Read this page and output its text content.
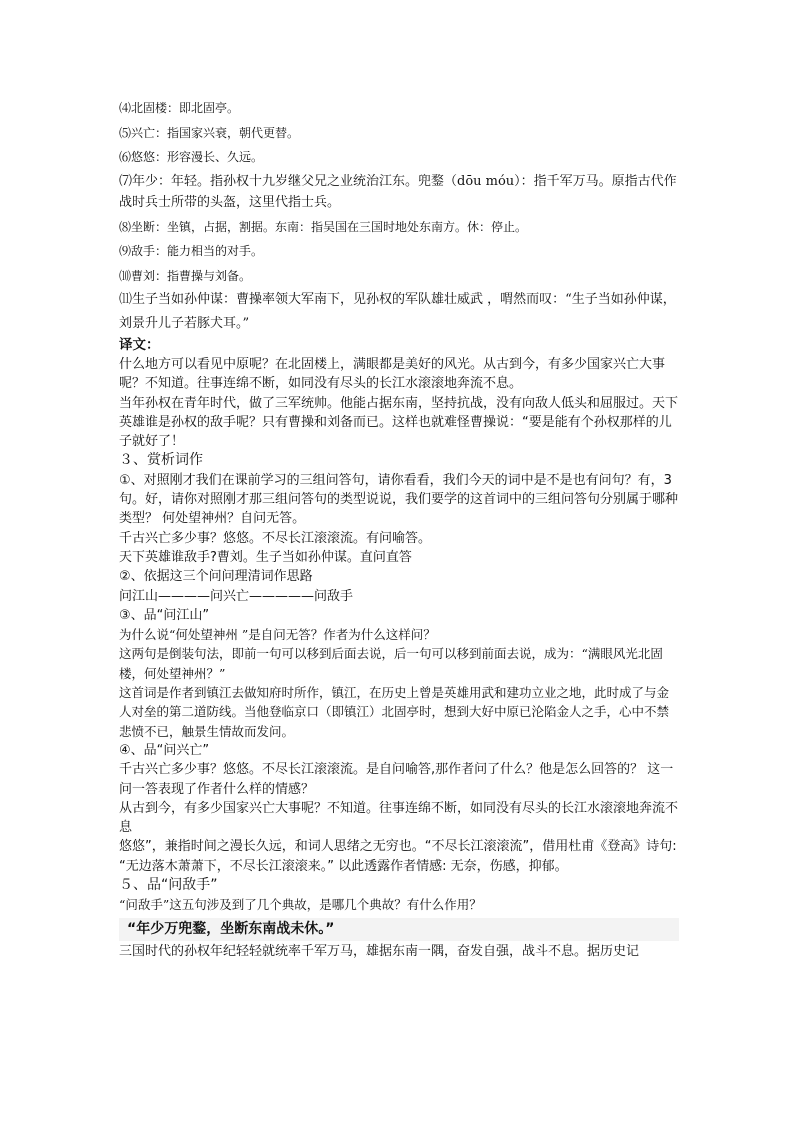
⑷北固楼：即北固亭。
⑸兴亡：指国家兴衰，朝代更替。
⑹悠悠：形容漫长、久远。
⑺年少：年轻。指孙权十九岁继父兄之业统治江东。兜鍪（dōu móu）：指千军万马。原指古代作战时兵士所带的头盔，这里代指士兵。
⑻坐断：坐镇，占据，割据。东南：指吴国在三国时地处东南方。休：停止。
⑼敌手：能力相当的对手。
⑽曹刘：指曹操与刘备。
⑾生子当如孙仲谋：曹操率领大军南下，见孙权的军队雄壮威武 ，喟然而叹：“生子当如孙仲谋，刘景升儿子若豚犬耳。”
译文：
什么地方可以看见中原呢？在北固楼上，满眼都是美好的风光。从古到今，有多少国家兴亡大事呢？不知道。往事连绵不断，如同没有尽头的长江水滚滚地奔流不息。
当年孙权在青年时代，做了三军统帅。他能占据东南，坚持抗战，没有向敌人低头和屈服过。天下英雄谁是孙权的敌手呢？只有曹操和刘备而已。这样也就难怪曹操说：“要是能有个孙权那样的儿子就好了！
３、赏析词作
①、对照刚才我们在课前学习的三组问答句，请你看看，我们今天的词中是不是也有问句？有，3句。好，请你对照刚才那三组问答句的类型说说，我们要学的这首词中的三组问答句分别属于哪种类型？ 何处望神州？自问无答。
千古兴亡多少事？悠悠。不尽长江滚滚流。有问喻答。
天下英雄谁敌手?曹刘。生子当如孙仲谋。直问直答
②、依据这三个问问理清词作思路
问江山————问兴亡—————问敌手
③、品“问江山”
为什么说“何处望神州 ”是自问无答？作者为什么这样问？
这两句是倒装句法，即前一句可以移到后面去说，后一句可以移到前面去说，成为：“满眼风光北固楼，何处望神州？”
这首词是作者到镇江去做知府时所作，镇江，在历史上曾是英雄用武和建功立业之地，此时成了与金人对垒的第二道防线。当他登临京口（即镇江）北固亭时，想到大好中原已沦陷金人之手，心中不禁悲愤不已，触景生情故而发问。
④、品“问兴亡”
千古兴亡多少事？悠悠。不尽长江滚滚流。是自问喻答,那作者问了什么？他是怎么回答的？ 这一问一答表现了作者什么样的情感？
从古到今，有多少国家兴亡大事呢？不知道。往事连绵不断，如同没有尽头的长江水滚滚地奔流不息
悠悠”，兼指时间之漫长久远，和词人思绪之无穷也。“不尽长江滚滚流”，借用杜甫《登高》诗句: “无边落木萧萧下，不尽长江滚滚来。” 以此透露作者情感: 无奈，伤感，抑郁。
５、品“问敌手”
“问敌手”这五句涉及到了几个典故，是哪几个典故？有什么作用？
“年少万兜鍪，坐断东南战未休。”
三国时代的孙权年纪轻轻就统率千军万马，雄据东南一隅，奋发自强，战斗不息。据历史记
